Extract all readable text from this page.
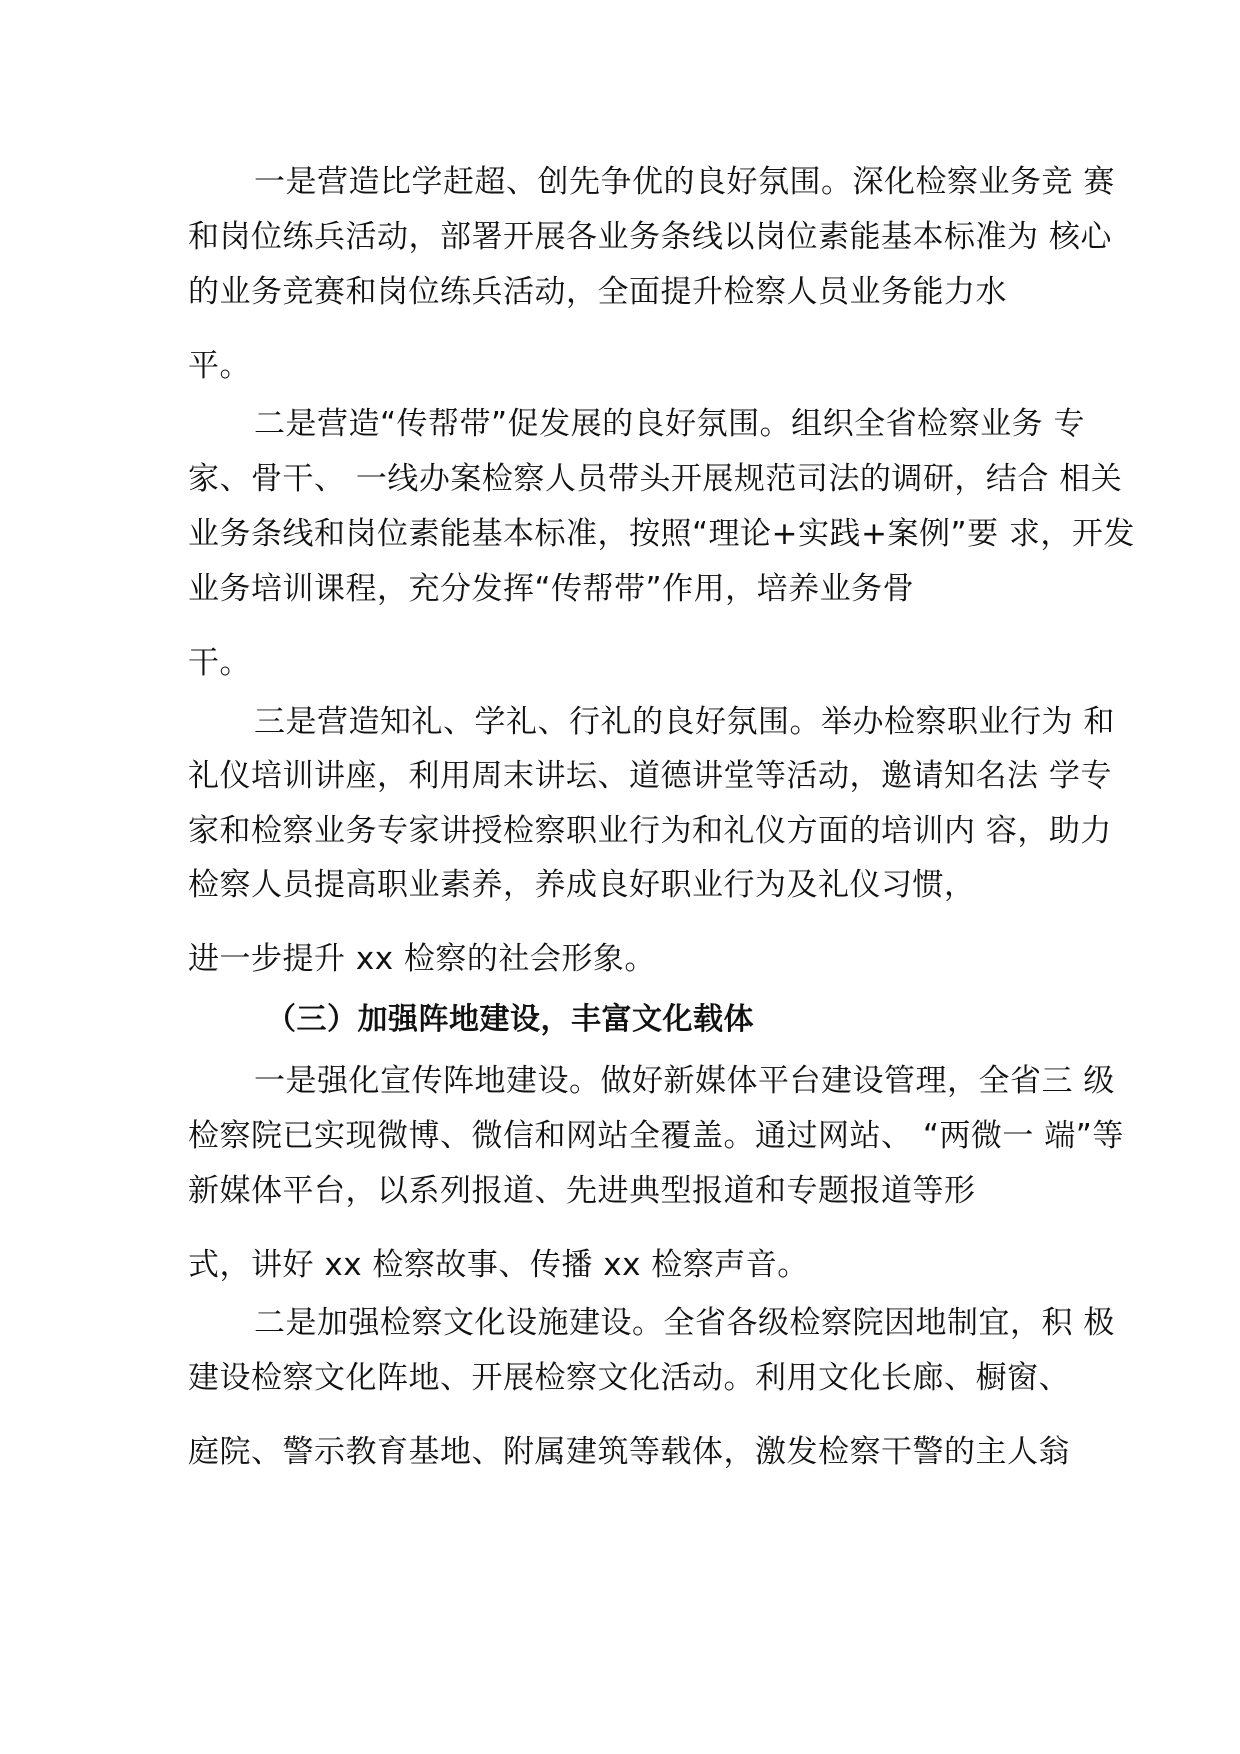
一是营造比学赶超、创先争优的良好氛围。深化检察业务竞 赛
和岗位练兵活动，部署开展各业务条线以岗位素能基本标准为 核心
的业务竞赛和岗位练兵活动，全面提升检察人员业务能力水
平。
二是营造“传帮带”促发展的良好氛围。组织全省检察业务 专
家、骨干、 一线办案检察人员带头开展规范司法的调研，结合 相关
业务条线和岗位素能基本标准，按照“理论+实践+案例”要 求，开发
业务培训课程，充分发挥“传帮带”作用，培养业务骨
干。
三是营造知礼、学礼、行礼的良好氛围。举办检察职业行为 和
礼仪培训讲座，利用周末讲坛、道德讲堂等活动，邀请知名法 学专
家和检察业务专家讲授检察职业行为和礼仪方面的培训内 容，助力
检察人员提高职业素养，养成良好职业行为及礼仪习惯，
进一步提升 xx 检察的社会形象。
（三）加强阵地建设，丰富文化载体
一是强化宣传阵地建设。做好新媒体平台建设管理，全省三 级
检察院已实现微博、微信和网站全覆盖。通过网站、 “两微一 端”等
新媒体平台，以系列报道、先进典型报道和专题报道等形
式，讲好 xx 检察故事、传播 xx 检察声音。
二是加强检察文化设施建设。全省各级检察院因地制宜，积 极
建设检察文化阵地、开展检察文化活动。利用文化长廊、橱窗、
庭院、警示教育基地、附属建筑等载体，激发检察干警的主人翁
